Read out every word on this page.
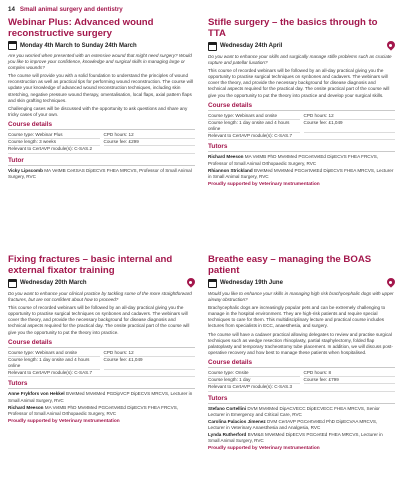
14 Small animal surgery and dentistry
Webinar Plus: Advanced wound reconstructive surgery
Monday 4th March to Sunday 24th March

Are you worried when presented with an extensive wound that might need surgery? Would you like to improve your confidence, knowledge and surgical skills in managing large or complex wounds?

The course will provide you with a solid foundation to understand the principles of wound reconstruction as well as practical tips for performing wound reconstruction. The course will update your knowledge of advanced wound reconstruction techniques, including skin stretching, negative pressure wound therapy, omentalisation, local flaps, axial pattern flaps and skin grafting techniques.

Challenging cases will be discussed with the opportunity to ask questions and share any tricky cases of your own.

Course details
Course type: Webinar Plus	CPD hours: 12
Course length: 3 weeks	Course fee: £299
Relevant to CertAVP module(s): C-SAS.2
Tutor
Vicky Lipscomb MA VetMB CertSAS DipECVS FHEA MRCVS, Professor of Small Animal Surgery, RVC
Stifle surgery – the basics through to TTA
Wednesday 24th April

Do you want to enhance your skills and surgically manage stifle problems such as cruciate rupture and patellar luxation?

This course of recorded webinars will be followed by an all-day practical giving you the opportunity to practise surgical techniques on synbones and cadavers. The webinars will cover the theory, and provide the necessary background for disease diagnosis and technical aspects required for the practical day. The onsite practical part of the course will give you the opportunity to put the theory into practice and develop your surgical skills.

Course details
Course type: Webinars and onsite	CPD hours: 12
Course length: 1 day onsite and 4 hours online
Course fee: £1,049
Relevant to CertAVP module(s): C-SAS.7
Tutors
Richard Meeson MA VetMB PhD MVetMed PGCertVetEd DipECVS FHEA FRCVS, Professor of Small Animal Orthopaedic Surgery, RVC
Rhiannon Strickland BVetMed MVetMed PGCertVetEd DipECVS FHEA MRCVS, Lecturer in Small Animal Surgery, RVC
Proudly supported by Veterinary Instrumentation
Fixing fractures – basic internal and external fixator training
Wednesday 20th March

Do you want to enhance your clinical practice by tackling some of the more straightforward fractures, but are not confident about how to proceed?

This course of recorded webinars will be followed by an all-day practical giving you the opportunity to practise surgical techniques on synbones and cadavers. The webinars will cover the theory, and provide the necessary background for disease diagnosis and technical aspects required for the practical day. The onsite practical part of the course will give you the opportunity to put the theory into practice.

Course details
Course type: Webinars and onsite	CPD hours: 12
Course length: 1 day onsite and 4 hours online
Course fee: £1,049
Relevant to CertAVP module(s): C-SAS.7
Tutors
Anne Frykfors von Hekkel BVetMed MVetMed PGDipVCP DipECVS MRCVS, Lecturer in Small Animal Surgery, RVC
Richard Meeson MA VetMB PhD MVetMed PGCertVetEd DipECVS FHEA FRCVS, Professor of Small Animal Orthopaedic Surgery, RVC
Proudly supported by Veterinary Instrumentation
Breathe easy – managing the BOAS patient
Wednesday 19th June

Would you like to enhance your skills in managing high risk brachycephalic dogs with upper airway obstruction?

Brachycephalic dogs are increasingly popular pets and can be extremely challenging to manage in the hospital environment. They are high-risk patients and require special techniques to care for them. This multidisciplinary lecture and practical course includes lectures from specialists in ECC, anaesthesia, and surgery.

The course will have a cadaver practical allowing delegates to review and practise surgical techniques such as wedge resection rhinoplasty, partial staphylectomy, folded flap palatoplasty and temporary tracheostomy tube placement. In addition, we will discuss post-operative recovery and how best to manage these patients when hospitalised.

Course details
Course type: Onsite	CPD hours: 8
Course length: 1 day	Course fee: £799
Relevant to CertAVP module(s): C-SAS.3
Tutors
Stefano Cortellini DVM MVetMed DipACVECC DipECVECC FHEA MRCVS, Senior Lecturer in Emergency and Critical Care, RVC
Carolina Palacios Jimenez DVM CertAVP PGCertVetEd PhD DipECVAA MRCVS, Lecturer in Veterinary Anaesthesia and Analgesia, RVC
Lynda Rutherford BVM&S MVetMed DipECVS PGCertEd FHEA MRCVS, Lecturer in Small Animal Surgery, RVC
Proudly supported by Veterinary Instrumentation
